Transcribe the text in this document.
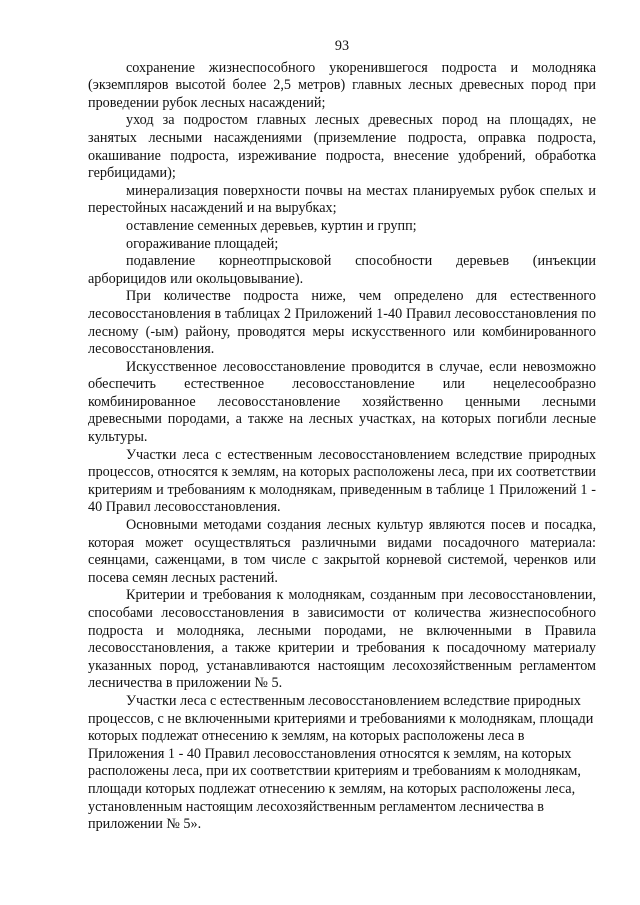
93

сохранение жизнеспособного укоренившегося подроста и молодняка (экземпляров высотой более 2,5 метров) главных лесных древесных пород при проведении рубок лесных насаждений;

уход за подростом главных лесных древесных пород на площадях, не занятых лесными насаждениями (приземление подроста, оправка подроста, окашивание подроста, изреживание подроста, внесение удобрений, обработка гербицидами);

минерализация поверхности почвы на местах планируемых рубок спелых и перестойных насаждений и на вырубках;

оставление семенных деревьев, куртин и групп;

огораживание площадей;

подавление корнеотпрысковой способности деревьев (инъекции арборицидов или окольцовывание).

При количестве подроста ниже, чем определено для естественного лесовосстановления в таблицах 2 Приложений 1-40 Правил лесовосстановления по лесному (-ым) району, проводятся меры искусственного или комбинированного лесовосстановления.

Искусственное лесовосстановление проводится в случае, если невозможно обеспечить естественное лесовосстановление или нецелесообразно комбинированное лесовосстановление хозяйственно ценными лесными древесными породами, а также на лесных участках, на которых погибли лесные культуры.

Участки леса с естественным лесовосстановлением вследствие природных процессов, относятся к землям, на которых расположены леса, при их соответствии критериям и требованиям к молоднякам, приведенным в таблице 1 Приложений 1 - 40 Правил лесовосстановления.

Основными методами создания лесных культур являются посев и посадка, которая может осуществляться различными видами посадочного материала: сеянцами, саженцами, в том числе с закрытой корневой системой, черенков или посева семян лесных растений.

Критерии и требования к молоднякам, созданным при лесовосстановлении, способами лесовосстановления в зависимости от количества жизнеспособного подроста и молодняка, лесными породами, не включенными в Правила лесовосстановления, а также критерии и требования к посадочному материалу указанных пород, устанавливаются настоящим лесохозяйственным регламентом лесничества в приложении № 5.

Участки леса с естественным лесовосстановлением вследствие природных процессов, с не включенными критериями и требованиями к молоднякам, площади которых подлежат отнесению к землям, на которых расположены леса в Приложения 1 - 40 Правил лесовосстановления относятся к землям, на которых расположены леса, при их соответствии критериям и требованиям к молоднякам, площади которых подлежат отнесению к землям, на которых расположены леса, установленным настоящим лесохозяйственным регламентом лесничества в приложении № 5».
